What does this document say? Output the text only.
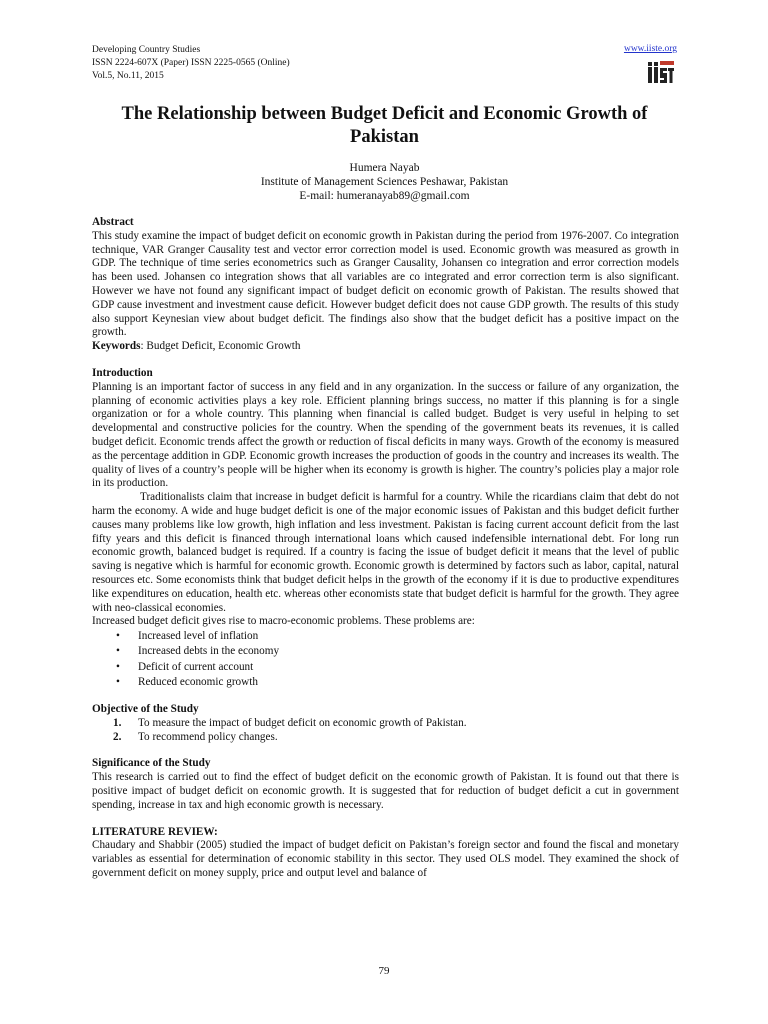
Developing Country Studies
ISSN 2224-607X (Paper) ISSN 2225-0565 (Online)
Vol.5, No.11, 2015
www.iiste.org
The Relationship between Budget Deficit and Economic Growth of Pakistan
Humera Nayab
Institute of Management Sciences Peshawar, Pakistan
E-mail: humeranayab89@gmail.com

Abstract

This study examine the impact of budget deficit on economic growth in Pakistan during the period from 1976-2007. Co integration technique, VAR Granger Causality test and vector error correction model is used. Economic growth was measured as growth in GDP. The technique of time series econometrics such as Granger Causality, Johansen co integration and error correction models has been used. Johansen co integration shows that all variables are co integrated and error correction term is also significant. However we have not found any significant impact of budget deficit on economic growth of Pakistan. The results showed that GDP cause investment and investment cause deficit. However budget deficit does not cause GDP growth. The results of this study also support Keynesian view about budget deficit. The findings also show that the budget deficit has a positive impact on the growth.

Keywords: Budget Deficit, Economic Growth

Introduction

Planning is an important factor of success in any field and in any organization. In the success or failure of any organization, the planning of economic activities plays a key role. Efficient planning brings success, no matter if this planning is for a single organization or for a whole country. This planning when financial is called budget. Budget is very useful in helping to set developmental and constructive policies for the country. When the spending of the government beats its revenues, it is called budget deficit. Economic trends affect the growth or reduction of fiscal deficits in many ways. Growth of the economy is measured as the percentage addition in GDP. Economic growth increases the production of goods in the country and increases its wealth. The quality of lives of a country’s people will be higher when its economy is growth is higher. The country’s policies play a major role in its production.

Traditionalists claim that increase in budget deficit is harmful for a country. While the ricardians claim that debt do not harm the economy. A wide and huge budget deficit is one of the major economic issues of Pakistan and this budget deficit further causes many problems like low growth, high inflation and less investment. Pakistan is facing current account deficit from the last fifty years and this deficit is financed through international loans which caused indefensible international debt. For long run economic growth, balanced budget is required. If a country is facing the issue of budget deficit it means that the level of public saving is negative which is harmful for economic growth. Economic growth is determined by factors such as labor, capital, natural resources etc. Some economists think that budget deficit helps in the growth of the economy if it is due to productive expenditures like expenditures on education, health etc. whereas other economists state that budget deficit is harmful for the growth. They agree with neo-classical economies.

Increased budget deficit gives rise to macro-economic problems. These problems are:

• Increased level of inflation
• Increased debts in the economy
• Deficit of current account
• Reduced economic growth

Objective of the Study

1. To measure the impact of budget deficit on economic growth of Pakistan.
2. To recommend policy changes.

Significance of the Study

This research is carried out to find the effect of budget deficit on the economic growth of Pakistan. It is found out that there is positive impact of budget deficit on economic growth. It is suggested that for reduction of budget deficit a cut in government spending, increase in tax and high economic growth is necessary.

LITERATURE REVIEW:

Chaudary and Shabbir (2005) studied the impact of budget deficit on Pakistan’s foreign sector and found the fiscal and monetary variables as essential for determination of economic stability in this sector. They used OLS model. They examined the shock of government deficit on money supply, price and output level and balance of

79
